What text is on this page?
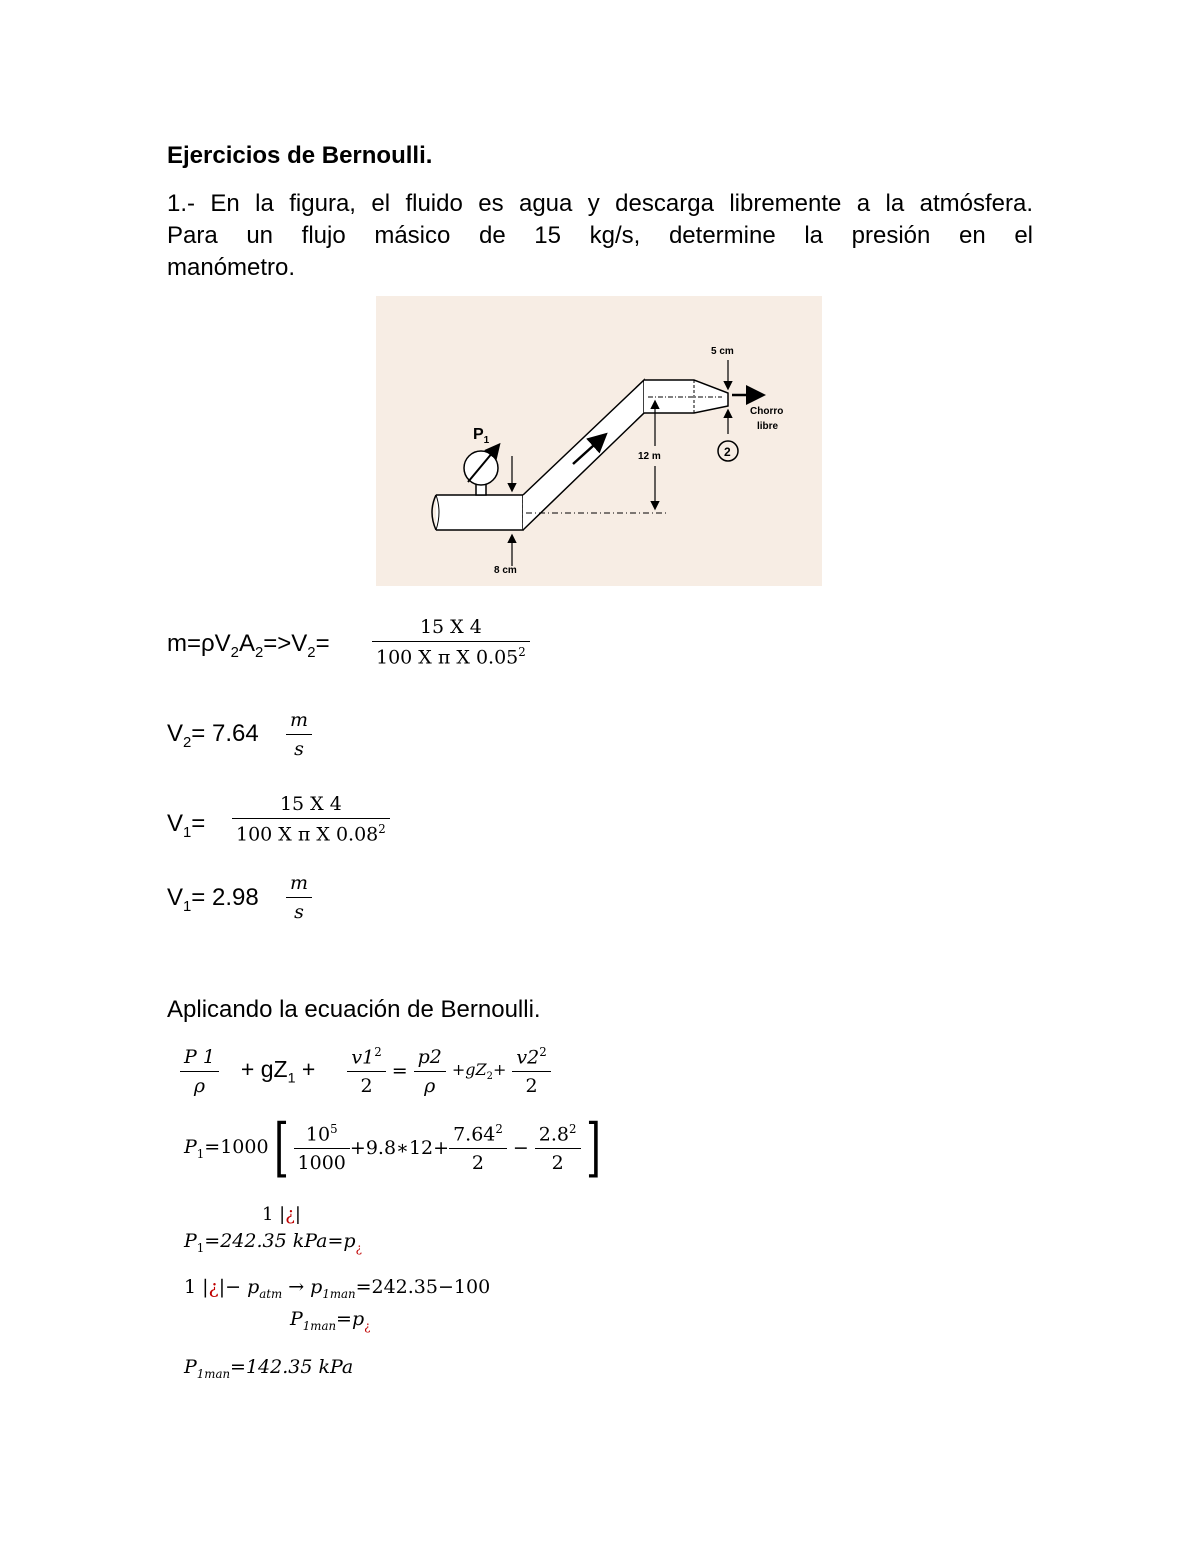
Ejercicios de Bernoulli.
1.- En la figura, el fluido es agua y descarga libremente a la atmósfera.
Para un flujo másico de 15 kg/s, determine la presión en el
manómetro.
$P_1$
8 cm
12 m
5 cm
Chorro
libre
2
$m=\rho V_2A_2=>V_2= \frac{15 X 4}{100 X \pi X 0.05^2}$
$V_2= 7.64 \frac{m}{s}$
$V_1= \frac{15 X 4}{100 X \pi X 0.08^2}$
$V_1= 2.98 \frac{m}{s}$
Aplicando la ecuación de Bernoulli.
$\frac{P 1}{\rho} + gZ_1 + \frac{v1^2}{2} = \frac{p2}{\rho} +gZ_2+ \frac{v2^2}{2}$
$P_1=1000$ [ $\frac{10^5}{1000}$ +9.8∗12+ $\frac{7.64^2}{2} - \frac{2.8^2}{2}$ ]
1 |¿|
$P_1=242.35$ $kPa=p_¿$
1 |¿|− $p_{atm} \to p_{1man}=242.35-100$
$P_{1man}=p_¿$
$P_{1man}=142.35$ kPa
